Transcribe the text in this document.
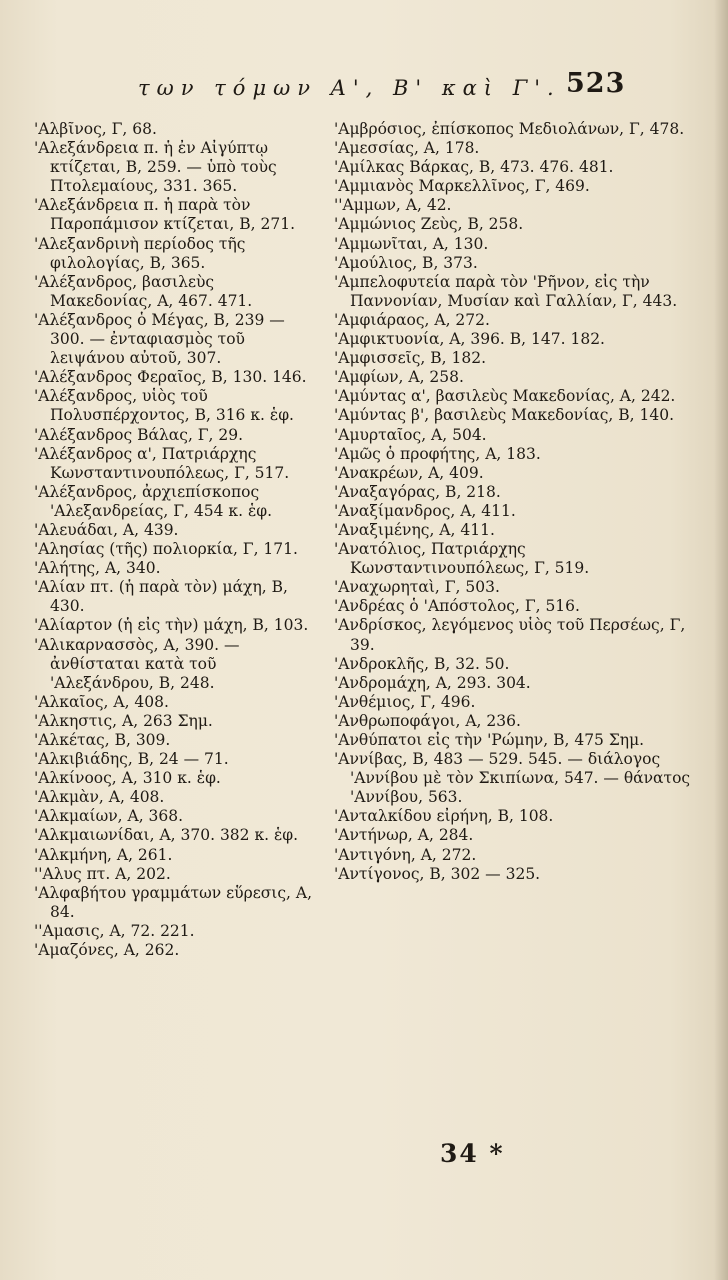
των τόμων Α', Β' καὶ Γ'. 523

'Αλβῖνος, Γ, 68.

'Αλεξάνδρεια π. ἡ ἐν Αἰγύπτῳ κτίζεται, Β, 259. — ὑπὸ τοὺς Πτολεμαίους, 331. 365.

'Αλεξάνδρεια π. ἡ παρὰ τὸν Παροπάμισον κτίζεται, Β, 271.

'Αλεξανδρινὴ περίοδος τῆς φιλολογίας, Β, 365.

'Αλέξανδρος, βασιλεὺς Μακεδονίας, Α, 467. 471.

'Αλέξανδρος ὁ Μέγας, Β, 239 — 300. — ἐνταφιασμὸς τοῦ λειψάνου αὐτοῦ, 307.

'Αλέξανδρος Φεραῖος, Β, 130. 146.

'Αλέξανδρος, υἱὸς τοῦ Πολυσπέρχοντος, Β, 316 κ. ἑφ.

'Αλέξανδρος Βάλας, Γ, 29.

'Αλέξανδρος α', Πατριάρχης Κωνσταντινουπόλεως, Γ, 517.

'Αλέξανδρος, ἀρχιεπίσκοπος 'Αλεξανδρείας, Γ, 454 κ. ἑφ.

'Αλευάδαι, Α, 439.

'Αλησίας (τῆς) πολιορκία, Γ, 171.

'Αλήτης, Α, 340.

'Αλίαν πτ. (ἡ παρὰ τὸν) μάχη, Β, 430.

'Αλίαρτον (ἡ εἰς τὴν) μάχη, Β, 103.

'Αλικαρνασσὸς, Α, 390. — ἀνθίσταται κατὰ τοῦ 'Αλεξάνδρου, Β, 248.

'Αλκαῖος, Α, 408.

'Αλκηστις, Α, 263 Σημ.

'Αλκέτας, Β, 309.

'Αλκιβιάδης, Β, 24 — 71.

'Αλκίνοος, Α, 310 κ. ἑφ.

'Αλκμὰν, Α, 408.

'Αλκμαίων, Α, 368.

'Αλκμαιωνίδαι, Α, 370. 382 κ. ἑφ.

'Αλκμήνη, Α, 261.

''Αλυς πτ. Α, 202.

'Αλφαβήτου γραμμάτων εὕρεσις, Α, 84.

''Αμασις, Α, 72. 221.

'Αμαζόνες, Α, 262.

'Αμβρόσιος, ἐπίσκοπος Μεδιολάνων, Γ, 478.

'Αμεσσίας, Α, 178.

'Αμίλκας Βάρκας, Β, 473. 476. 481.

'Αμμιανὸς Μαρκελλῖνος, Γ, 469.

''Αμμων, Α, 42.

'Αμμώνιος Ζεὺς, Β, 258.

'Αμμωνῖται, Α, 130.

'Αμούλιος, Β, 373.

'Αμπελοφυτεία παρὰ τὸν 'Ρῆνον, εἰς τὴν Παννονίαν, Μυσίαν καὶ Γαλλίαν, Γ, 443.

'Αμφιάραος, Α, 272.

'Αμφικτυονία, Α, 396. Β, 147. 182.

'Αμφισσεῖς, Β, 182.

'Αμφίων, Α, 258.

'Αμύντας α', βασιλεὺς Μακεδονίας, Α, 242.

'Αμύντας β', βασιλεὺς Μακεδονίας, Β, 140.

'Αμυρταῖος, Α, 504.

'Αμῶς ὁ προφήτης, Α, 183.

'Ανακρέων, Α, 409.

'Αναξαγόρας, Β, 218.

'Αναξίμανδρος, Α, 411.

'Αναξιμένης, Α, 411.

'Ανατόλιος, Πατριάρχης Κωνσταντινουπόλεως, Γ, 519.

'Αναχωρηταὶ, Γ, 503.

'Ανδρέας ὁ 'Απόστολος, Γ, 516.

'Ανδρίσκος, λεγόμενος υἱὸς τοῦ Περσέως, Γ, 39.

'Ανδροκλῆς, Β, 32. 50.

'Ανδρομάχη, Α, 293. 304.

'Ανθέμιος, Γ, 496.

'Ανθρωποφάγοι, Α, 236.

'Ανθύπατοι εἰς τὴν 'Ρώμην, Β, 475 Σημ.

'Αννίβας, Β, 483 — 529. 545. — διάλογος 'Αννίβου μὲ τὸν Σκιπίωνα, 547. — θάνατος 'Αννίβου, 563.

'Ανταλκίδου εἰρήνη, Β, 108.

'Αντήνωρ, Α, 284.

'Αντιγόνη, Α, 272.

'Αντίγονος, Β, 302 — 325.

34 *
